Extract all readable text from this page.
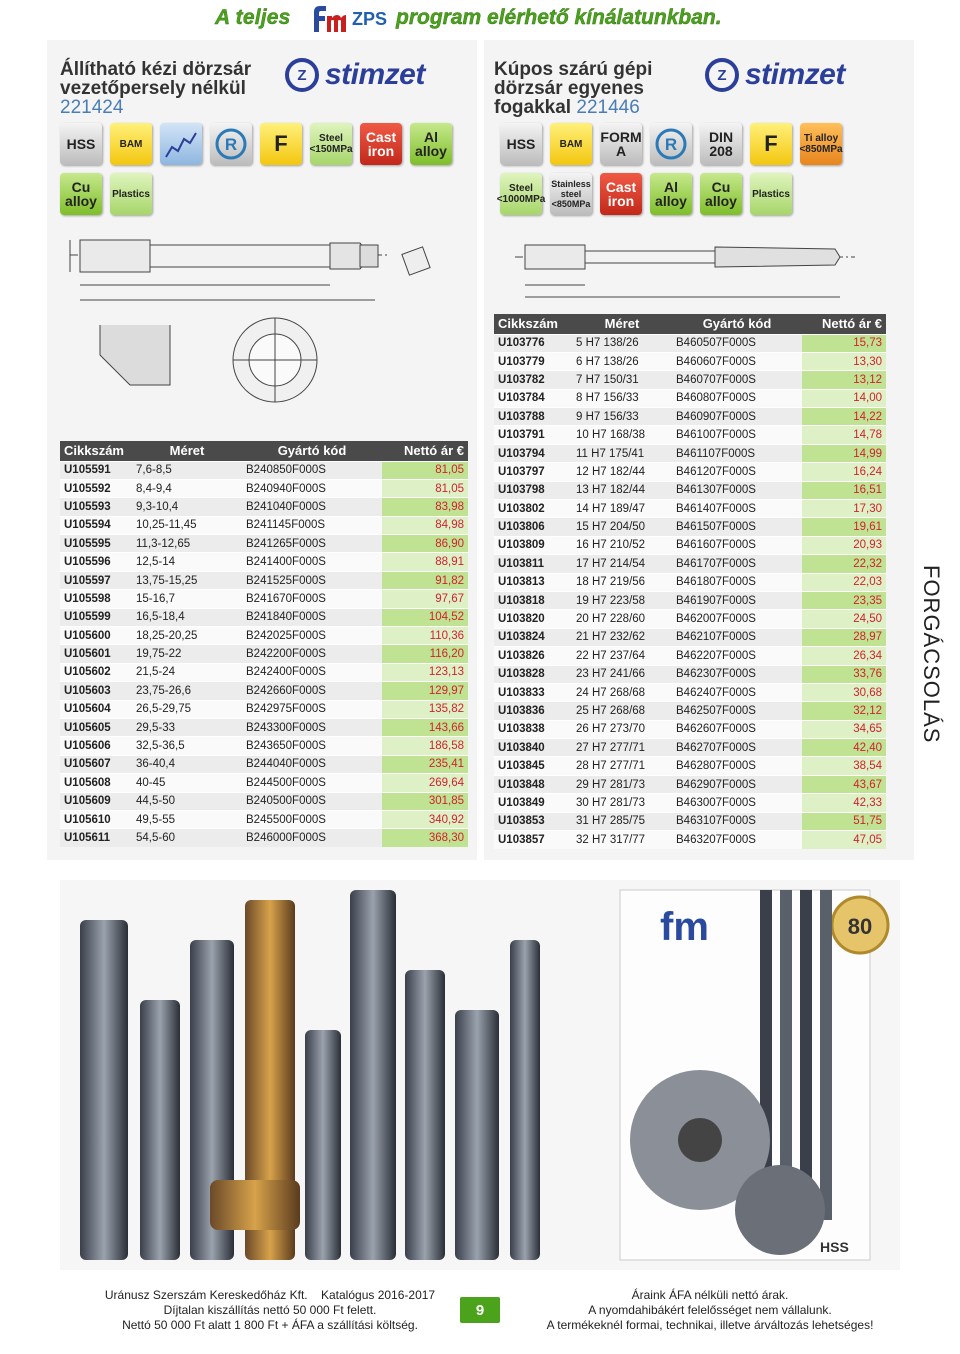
A teljes	ZPS program elérhető kínálatunkban.
Állítható kézi dörzsár vezetőpersely nélkül
221424
Z stimzet	Kúpos szárú gépi dörzsár egyenes fogakkal 221446
Z stimzet
HSS	BAM	R	F	Steel <150MPa
Cast iron
Al alloy
Cu alloy	Plastics
HSS	BAM	FORM A	R	DIN 208	F	Ti alloy <850MPa
Steel <1000MPa
Stainless steel <850MPa
Cast iron
Al alloy
Cu alloy	Plastics
Cikkszám	Méret	Gyártó kód	Nettó ár €
U105591	7,6-8,5	B240850F000S	81,05
U105592	8,4-9,4	B240940F000S	81,05
U105593	9,3-10,4	B241040F000S	83,98
U105594	10,25-11,45	B241145F000S	84,98
U105595	11,3-12,65	B241265F000S	86,90
U105596	12,5-14	B241400F000S	88,91
U105597	13,75-15,25	B241525F000S	91,82
U105598	15-16,7	B241670F000S	97,67
U105599	16,5-18,4	B241840F000S	104,52
U105600	18,25-20,25	B242025F000S	110,36
U105601	19,75-22	B242200F000S	116,20
U105602	21,5-24	B242400F000S	123,13
U105603	23,75-26,6	B242660F000S	129,97
U105604	26,5-29,75	B242975F000S	135,82
U105605	29,5-33	B243300F000S	143,66
U105606	32,5-36,5	B243650F000S	186,58
U105607	36-40,4	B244040F000S	235,41
U105608	40-45	B244500F000S	269,64
U105609	44,5-50	B240500F000S	301,85
U105610	49,5-55	B245500F000S	340,92
U105611	54,5-60	B246000F000S	368,30
Cikkszám	Méret	Gyártó kód	Nettó ár €
U103776	5 H7 138/26	B460507F000S	15,73
U103779	6 H7 138/26	B460607F000S	13,30
U103782	7 H7 150/31	B460707F000S	13,12
U103784	8 H7 156/33	B460807F000S	14,00
U103788	9 H7 156/33	B460907F000S	14,22
U103791	10 H7 168/38	B461007F000S	14,78
U103794	11 H7 175/41	B461107F000S	14,99
U103797	12 H7 182/44	B461207F000S	16,24
U103798	13 H7 182/44	B461307F000S	16,51
U103802	14 H7 189/47	B461407F000S	17,30
U103806	15 H7 204/50	B461507F000S	19,61
U103809	16 H7 210/52	B461607F000S	20,93
U103811	17 H7 214/54	B461707F000S	22,32
U103813	18 H7 219/56	B461807F000S	22,03
U103818	19 H7 223/58	B461907F000S	23,35
U103820	20 H7 228/60	B462007F000S	24,50
U103824	21 H7 232/62	B462107F000S	28,97
U103826	22 H7 237/64	B462207F000S	26,34
U103828	23 H7 241/66	B462307F000S	33,76
U103833	24 H7 268/68	B462407F000S	30,68
U103836	25 H7 268/68	B462507F000S	32,12
U103838	26 H7 273/70	B462607F000S	34,65
U103840	27 H7 277/71	B462707F000S	42,40
U103845	28 H7 277/71	B462807F000S	38,54
U103848	29 H7 281/73	B462907F000S	43,67
U103849	30 H7 281/73	B463007F000S	42,33
U103853	31 H7 285/75	B463107F000S	51,75
U103857	32 H7 317/77	B463207F000S	47,05
FORGÁCSOLÁS
fm	80
HSS
Uránusz Szerszám Kereskedőház Kft. Katalógus 2016-2017
Díjtalan kiszállítás nettó 50 000 Ft felett.
Nettó 50 000 Ft alatt 1 800 Ft + ÁFA a szállítási költség.
9
Áraink ÁFA nélküli nettó árak.
A nyomdahibákért felelősséget nem vállalunk.
A termékeknél formai, technikai, illetve árváltozás lehetséges!
